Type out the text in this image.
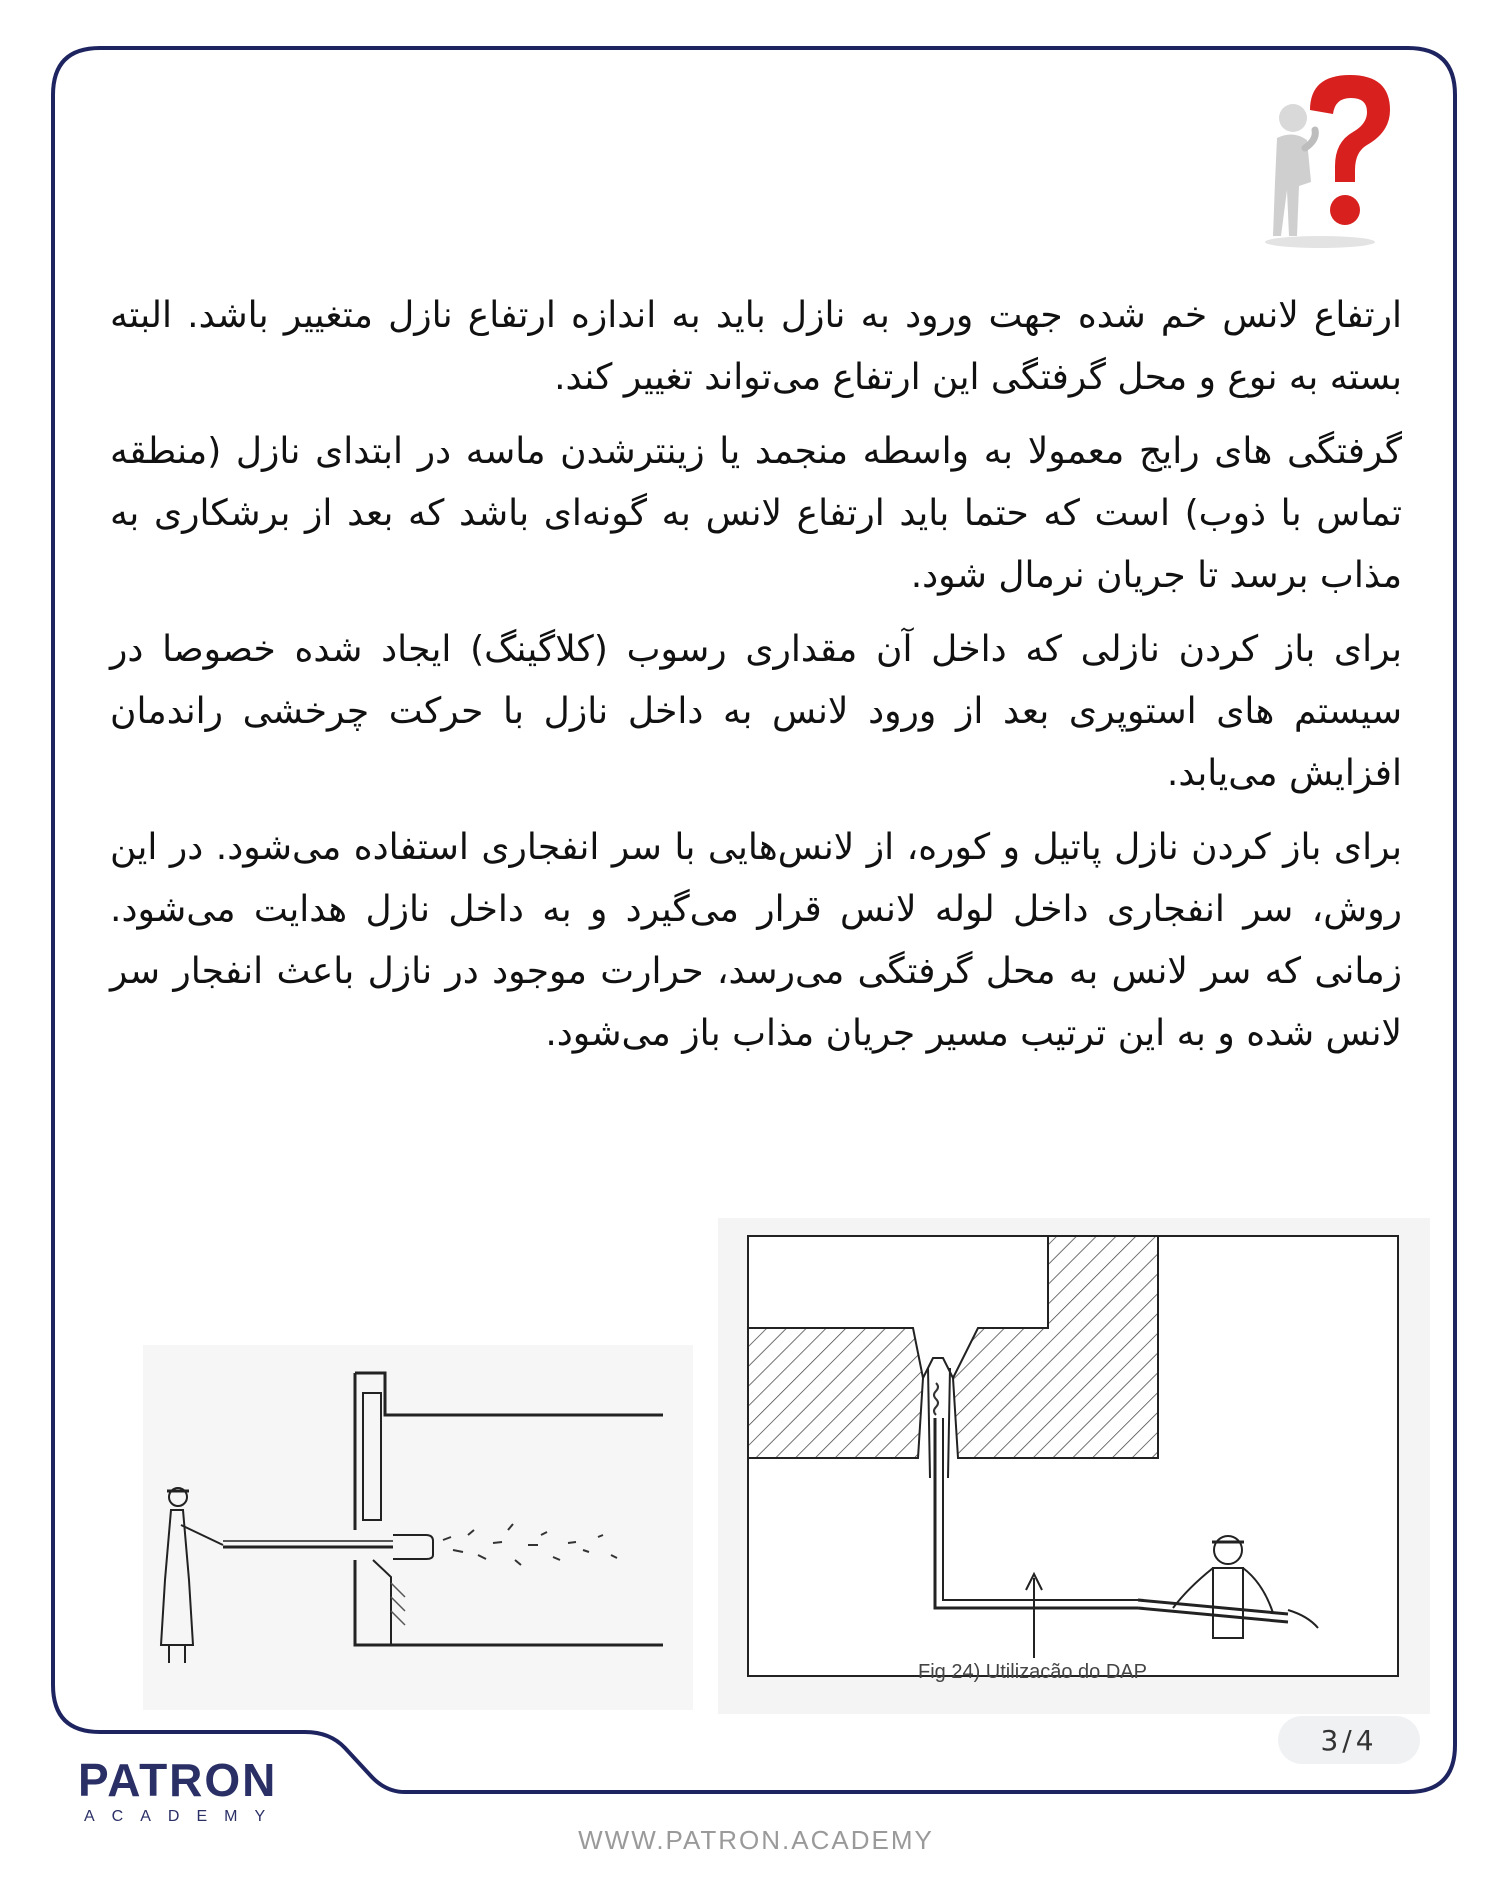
ارتفاع لانس خم شده جهت ورود به نازل باید به اندازه ارتفاع نازل متغییر باشد. البته بسته به نوع و محل گرفتگی این ارتفاع می‌تواند تغییر کند.

گرفتگی های رایج معمولا به واسطه منجمد یا زینترشدن ماسه در ابتدای نازل (منطقه تماس با ذوب) است که حتما باید ارتفاع لانس به گونه‌ای باشد که بعد از برشکاری به مذاب برسد تا جریان نرمال شود.

برای باز کردن نازلی که داخل آن مقداری رسوب (کلاگینگ) ایجاد شده خصوصا در سیستم های استوپری بعد از ورود لانس به داخل نازل با حرکت چرخشی راندمان افزایش می‌یابد.

برای باز کردن نازل پاتیل و کوره، از لانس‌هایی با سر انفجاری استفاده می‌شود. در این روش، سر انفجاری داخل لوله لانس قرار می‌گیرد و به داخل نازل هدایت می‌شود. زمانی که سر لانس به محل گرفتگی می‌رسد، حرارت موجود در نازل باعث انفجار سر لانس شده و به این ترتیب مسیر جریان مذاب باز می‌شود.

Fig 24) Utilizacão do DAP
3/4
PATRON
ACADEMY
WWW.PATRON.ACADEMY
